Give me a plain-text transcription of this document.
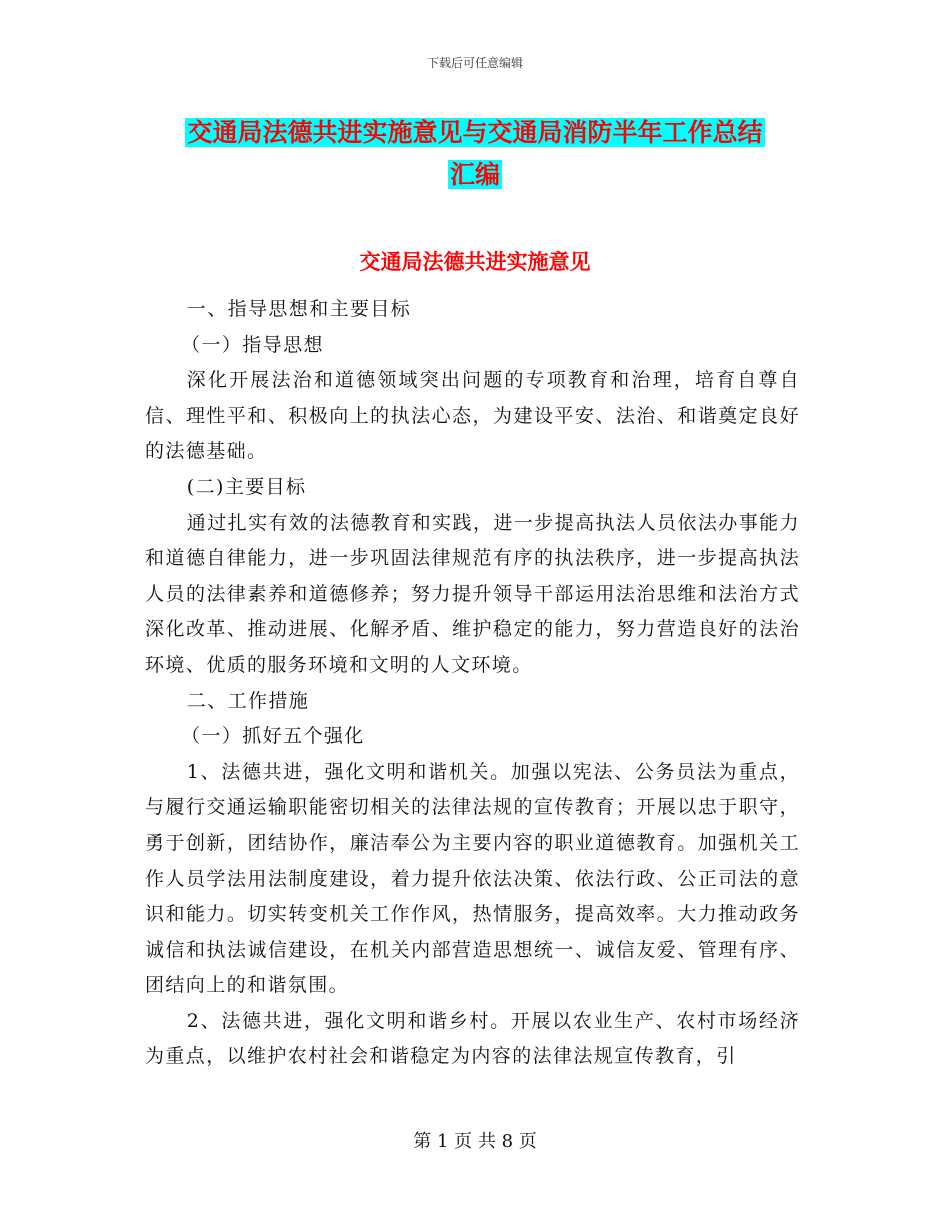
下载后可任意编辑
交通局法德共进实施意见与交通局消防半年工作总结
汇编
交通局法德共进实施意见

一、指导思想和主要目标

（一）指导思想

深化开展法治和道德领域突出问题的专项教育和治理，培育自尊自信、理性平和、积极向上的执法心态，为建设平安、法治、和谐奠定良好的法德基础。

(二)主要目标

通过扎实有效的法德教育和实践，进一步提高执法人员依法办事能力和道德自律能力，进一步巩固法律规范有序的执法秩序，进一步提高执法人员的法律素养和道德修养；努力提升领导干部运用法治思维和法治方式深化改革、推动进展、化解矛盾、维护稳定的能力，努力营造良好的法治环境、优质的服务环境和文明的人文环境。

二、工作措施

（一）抓好五个强化

1、法德共进，强化文明和谐机关。加强以宪法、公务员法为重点，与履行交通运输职能密切相关的法律法规的宣传教育；开展以忠于职守，勇于创新，团结协作，廉洁奉公为主要内容的职业道德教育。加强机关工作人员学法用法制度建设，着力提升依法决策、依法行政、公正司法的意识和能力。切实转变机关工作作风，热情服务，提高效率。大力推动政务诚信和执法诚信建设，在机关内部营造思想统一、诚信友爱、管理有序、团结向上的和谐氛围。

2、法德共进，强化文明和谐乡村。开展以农业生产、农村市场经济为重点，以维护农村社会和谐稳定为内容的法律法规宣传教育，引

第 1 页 共 8 页
